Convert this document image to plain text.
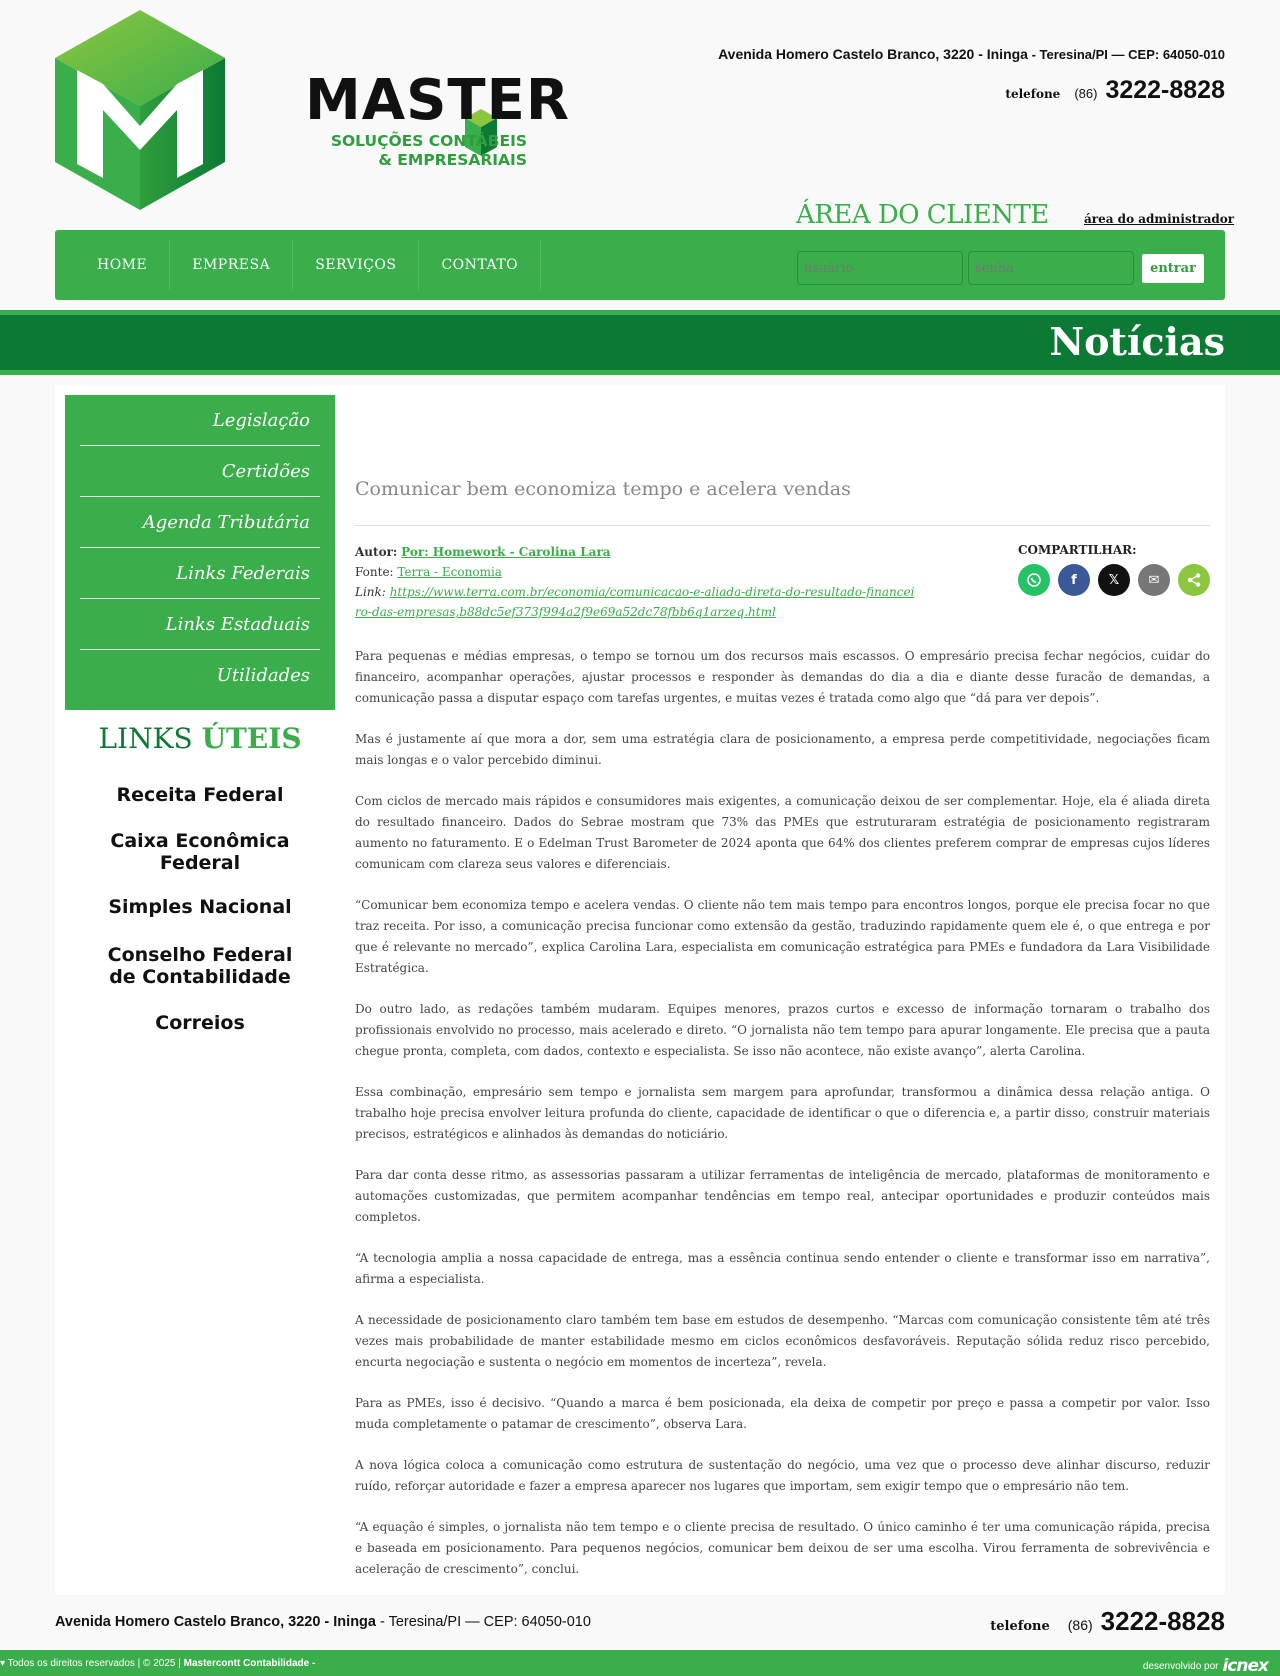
MASTER
SOLUÇÕES CONTÁBEIS
& EMPRESARIAIS
Avenida Homero Castelo Branco, 3220 - Ininga - Teresina/PI — CEP: 64050-010
telefone (86) 3222-8828
HOME	EMPRESA	SERVIÇOS	CONTATO
ÁREA DO CLIENTE	área do administrador
usuário
entrar
Notícias
Legislação
Certidões
Agenda Tributária
Links Federais
Links Estaduais
Utilidades
LINKS ÚTEIS
Receita Federal
Caixa Econômica Federal
Simples Nacional
Conselho Federal de Contabilidade
Correios
Comunicar bem economiza tempo e acelera vendas
Autor: Por: Homework - Carolina Lara
Fonte: Terra - Economia
Link: https://www.terra.com.br/economia/comunicacao-e-aliada-direta-do-resultado-financeiro-das-empresas,b88dc5ef373f994a2f9e69a52dc78fbb6q1arzeq.html
COMPARTILHAR:
f	𝕏	✉

Para pequenas e médias empresas, o tempo se tornou um dos recursos mais escassos. O empresário precisa fechar negócios, cuidar do financeiro, acompanhar operações, ajustar processos e responder às demandas do dia a dia e diante desse furacão de demandas, a comunicação passa a disputar espaço com tarefas urgentes, e muitas vezes é tratada como algo que “dá para ver depois”.

Mas é justamente aí que mora a dor, sem uma estratégia clara de posicionamento, a empresa perde competitividade, negociações ficam mais longas e o valor percebido diminui.

Com ciclos de mercado mais rápidos e consumidores mais exigentes, a comunicação deixou de ser complementar. Hoje, ela é aliada direta do resultado financeiro. Dados do Sebrae mostram que 73% das PMEs que estruturaram estratégia de posicionamento registraram aumento no faturamento. E o Edelman Trust Barometer de 2024 aponta que 64% dos clientes preferem comprar de empresas cujos líderes comunicam com clareza seus valores e diferenciais.

“Comunicar bem economiza tempo e acelera vendas. O cliente não tem mais tempo para encontros longos, porque ele precisa focar no que traz receita. Por isso, a comunicação precisa funcionar como extensão da gestão, traduzindo rapidamente quem ele é, o que entrega e por que é relevante no mercado”, explica Carolina Lara, especialista em comunicação estratégica para PMEs e fundadora da Lara Visibilidade Estratégica.

Do outro lado, as redações também mudaram. Equipes menores, prazos curtos e excesso de informação tornaram o trabalho dos profissionais envolvido no processo, mais acelerado e direto. “O jornalista não tem tempo para apurar longamente. Ele precisa que a pauta chegue pronta, completa, com dados, contexto e especialista. Se isso não acontece, não existe avanço”, alerta Carolina.

Essa combinação, empresário sem tempo e jornalista sem margem para aprofundar, transformou a dinâmica dessa relação antiga. O trabalho hoje precisa envolver leitura profunda do cliente, capacidade de identificar o que o diferencia e, a partir disso, construir materiais precisos, estratégicos e alinhados às demandas do noticiário.

Para dar conta desse ritmo, as assessorias passaram a utilizar ferramentas de inteligência de mercado, plataformas de monitoramento e automações customizadas, que permitem acompanhar tendências em tempo real, antecipar oportunidades e produzir conteúdos mais completos.

“A tecnologia amplia a nossa capacidade de entrega, mas a essência continua sendo entender o cliente e transformar isso em narrativa”, afirma a especialista.

A necessidade de posicionamento claro também tem base em estudos de desempenho. “Marcas com comunicação consistente têm até três vezes mais probabilidade de manter estabilidade mesmo em ciclos econômicos desfavoráveis. Reputação sólida reduz risco percebido, encurta negociação e sustenta o negócio em momentos de incerteza”, revela.

Para as PMEs, isso é decisivo. “Quando a marca é bem posicionada, ela deixa de competir por preço e passa a competir por valor. Isso muda completamente o patamar de crescimento”, observa Lara.

A nova lógica coloca a comunicação como estrutura de sustentação do negócio, uma vez que o processo deve alinhar discurso, reduzir ruído, reforçar autoridade e fazer a empresa aparecer nos lugares que importam, sem exigir tempo que o empresário não tem.

“A equação é simples, o jornalista não tem tempo e o cliente precisa de resultado. O único caminho é ter uma comunicação rápida, precisa e baseada em posicionamento. Para pequenos negócios, comunicar bem deixou de ser uma escolha. Virou ferramenta de sobrevivência e aceleração de crescimento”, conclui.

Avenida Homero Castelo Branco, 3220 - Ininga - Teresina/PI — CEP: 64050-010	telefone (86) 3222-8828
▾ Todos os direitos reservados | © 2025 | Mastercontt Contabilidade -	desenvolvido por icnex
